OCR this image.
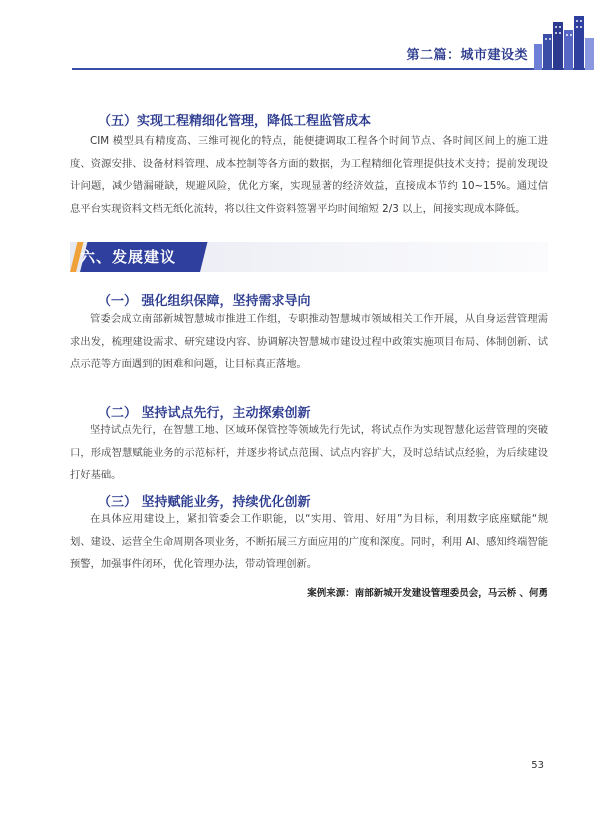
第二篇：城市建设类
（五）实现工程精细化管理，降低工程监管成本

CIM 模型具有精度高、三维可视化的特点，能便捷调取工程各个时间节点、各时间区间上的施工进度、资源安排、设备材料管理、成本控制等各方面的数据，为工程精细化管理提供技术支持；提前发现设计问题，减少错漏碰缺，规避风险，优化方案，实现显著的经济效益，直接成本节约 10~15%。通过信息平台实现资料文档无纸化流转，将以往文件资料签署平均时间缩短 2/3 以上，间接实现成本降低。

六、发展建议
（一） 强化组织保障，坚持需求导向

管委会成立南部新城智慧城市推进工作组，专职推动智慧城市领域相关工作开展，从自身运营管理需求出发，梳理建设需求、研究建设内容、协调解决智慧城市建设过程中政策实施项目布局、体制创新、试点示范等方面遇到的困难和问题，让目标真正落地。

（二） 坚持试点先行，主动探索创新

坚持试点先行，在智慧工地、区域环保管控等领域先行先试，将试点作为实现智慧化运营管理的突破口，形成智慧赋能业务的示范标杆，并逐步将试点范围、试点内容扩大，及时总结试点经验，为后续建设打好基础。

（三） 坚持赋能业务，持续优化创新

在具体应用建设上，紧扣管委会工作职能，以“实用、管用、好用”为目标，利用数字底座赋能“规划、建设、运营全生命周期各项业务，不断拓展三方面应用的广度和深度。同时，利用 AI、感知终端智能预警，加强事件闭环，优化管理办法，带动管理创新。

案例来源：南部新城开发建设管理委员会，马云桥 、何勇
53
